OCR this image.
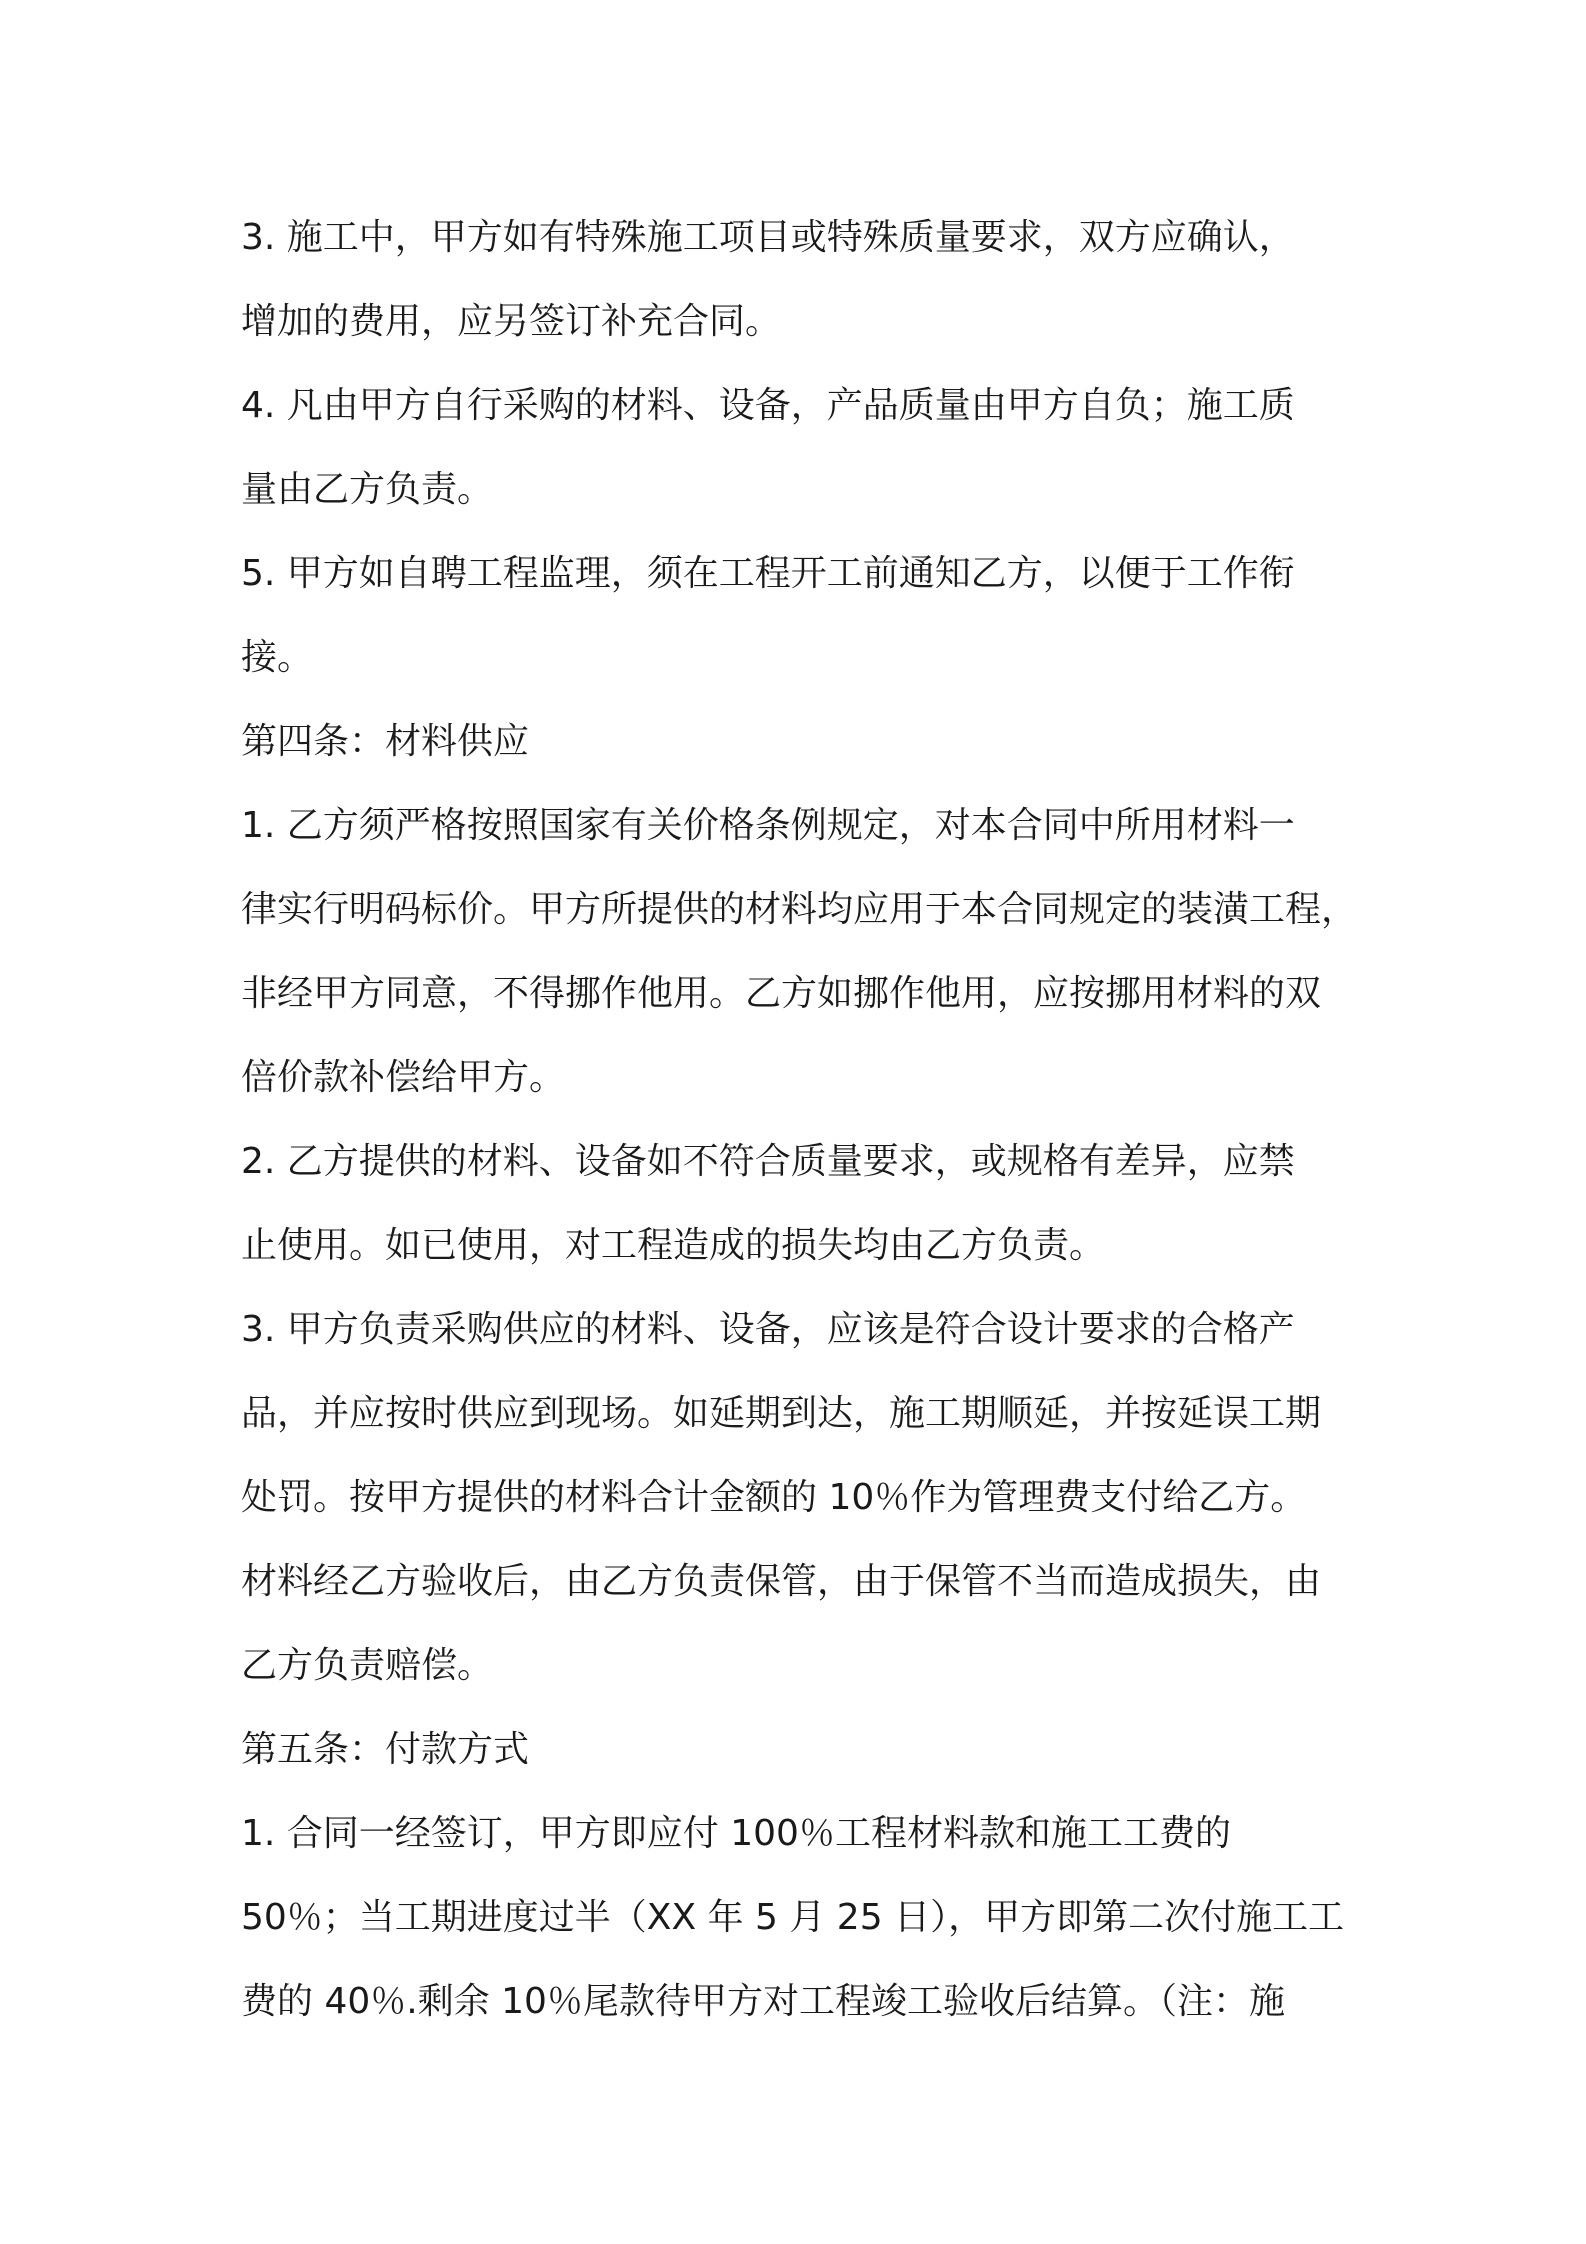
3. 施工中，甲方如有特殊施工项目或特殊质量要求，双方应确认，
增加的费用，应另签订补充合同。
4. 凡由甲方自行采购的材料、设备，产品质量由甲方自负；施工质
量由乙方负责。
5. 甲方如自聘工程监理，须在工程开工前通知乙方，以便于工作衔
接。
第四条：材料供应
1. 乙方须严格按照国家有关价格条例规定，对本合同中所用材料一
律实行明码标价。甲方所提供的材料均应用于本合同规定的装潢工程，
非经甲方同意，不得挪作他用。乙方如挪作他用，应按挪用材料的双
倍价款补偿给甲方。
2. 乙方提供的材料、设备如不符合质量要求，或规格有差异，应禁
止使用。如已使用，对工程造成的损失均由乙方负责。
3. 甲方负责采购供应的材料、设备，应该是符合设计要求的合格产
品，并应按时供应到现场。如延期到达，施工期顺延，并按延误工期
处罚。按甲方提供的材料合计金额的 10％作为管理费支付给乙方。
材料经乙方验收后，由乙方负责保管，由于保管不当而造成损失，由
乙方负责赔偿。
第五条：付款方式
1. 合同一经签订，甲方即应付 100％工程材料款和施工工费的
50％；当工期进度过半（XX 年 5 月 25 日），甲方即第二次付施工工
费的 40％.剩余 10％尾款待甲方对工程竣工验收后结算。（注：施
